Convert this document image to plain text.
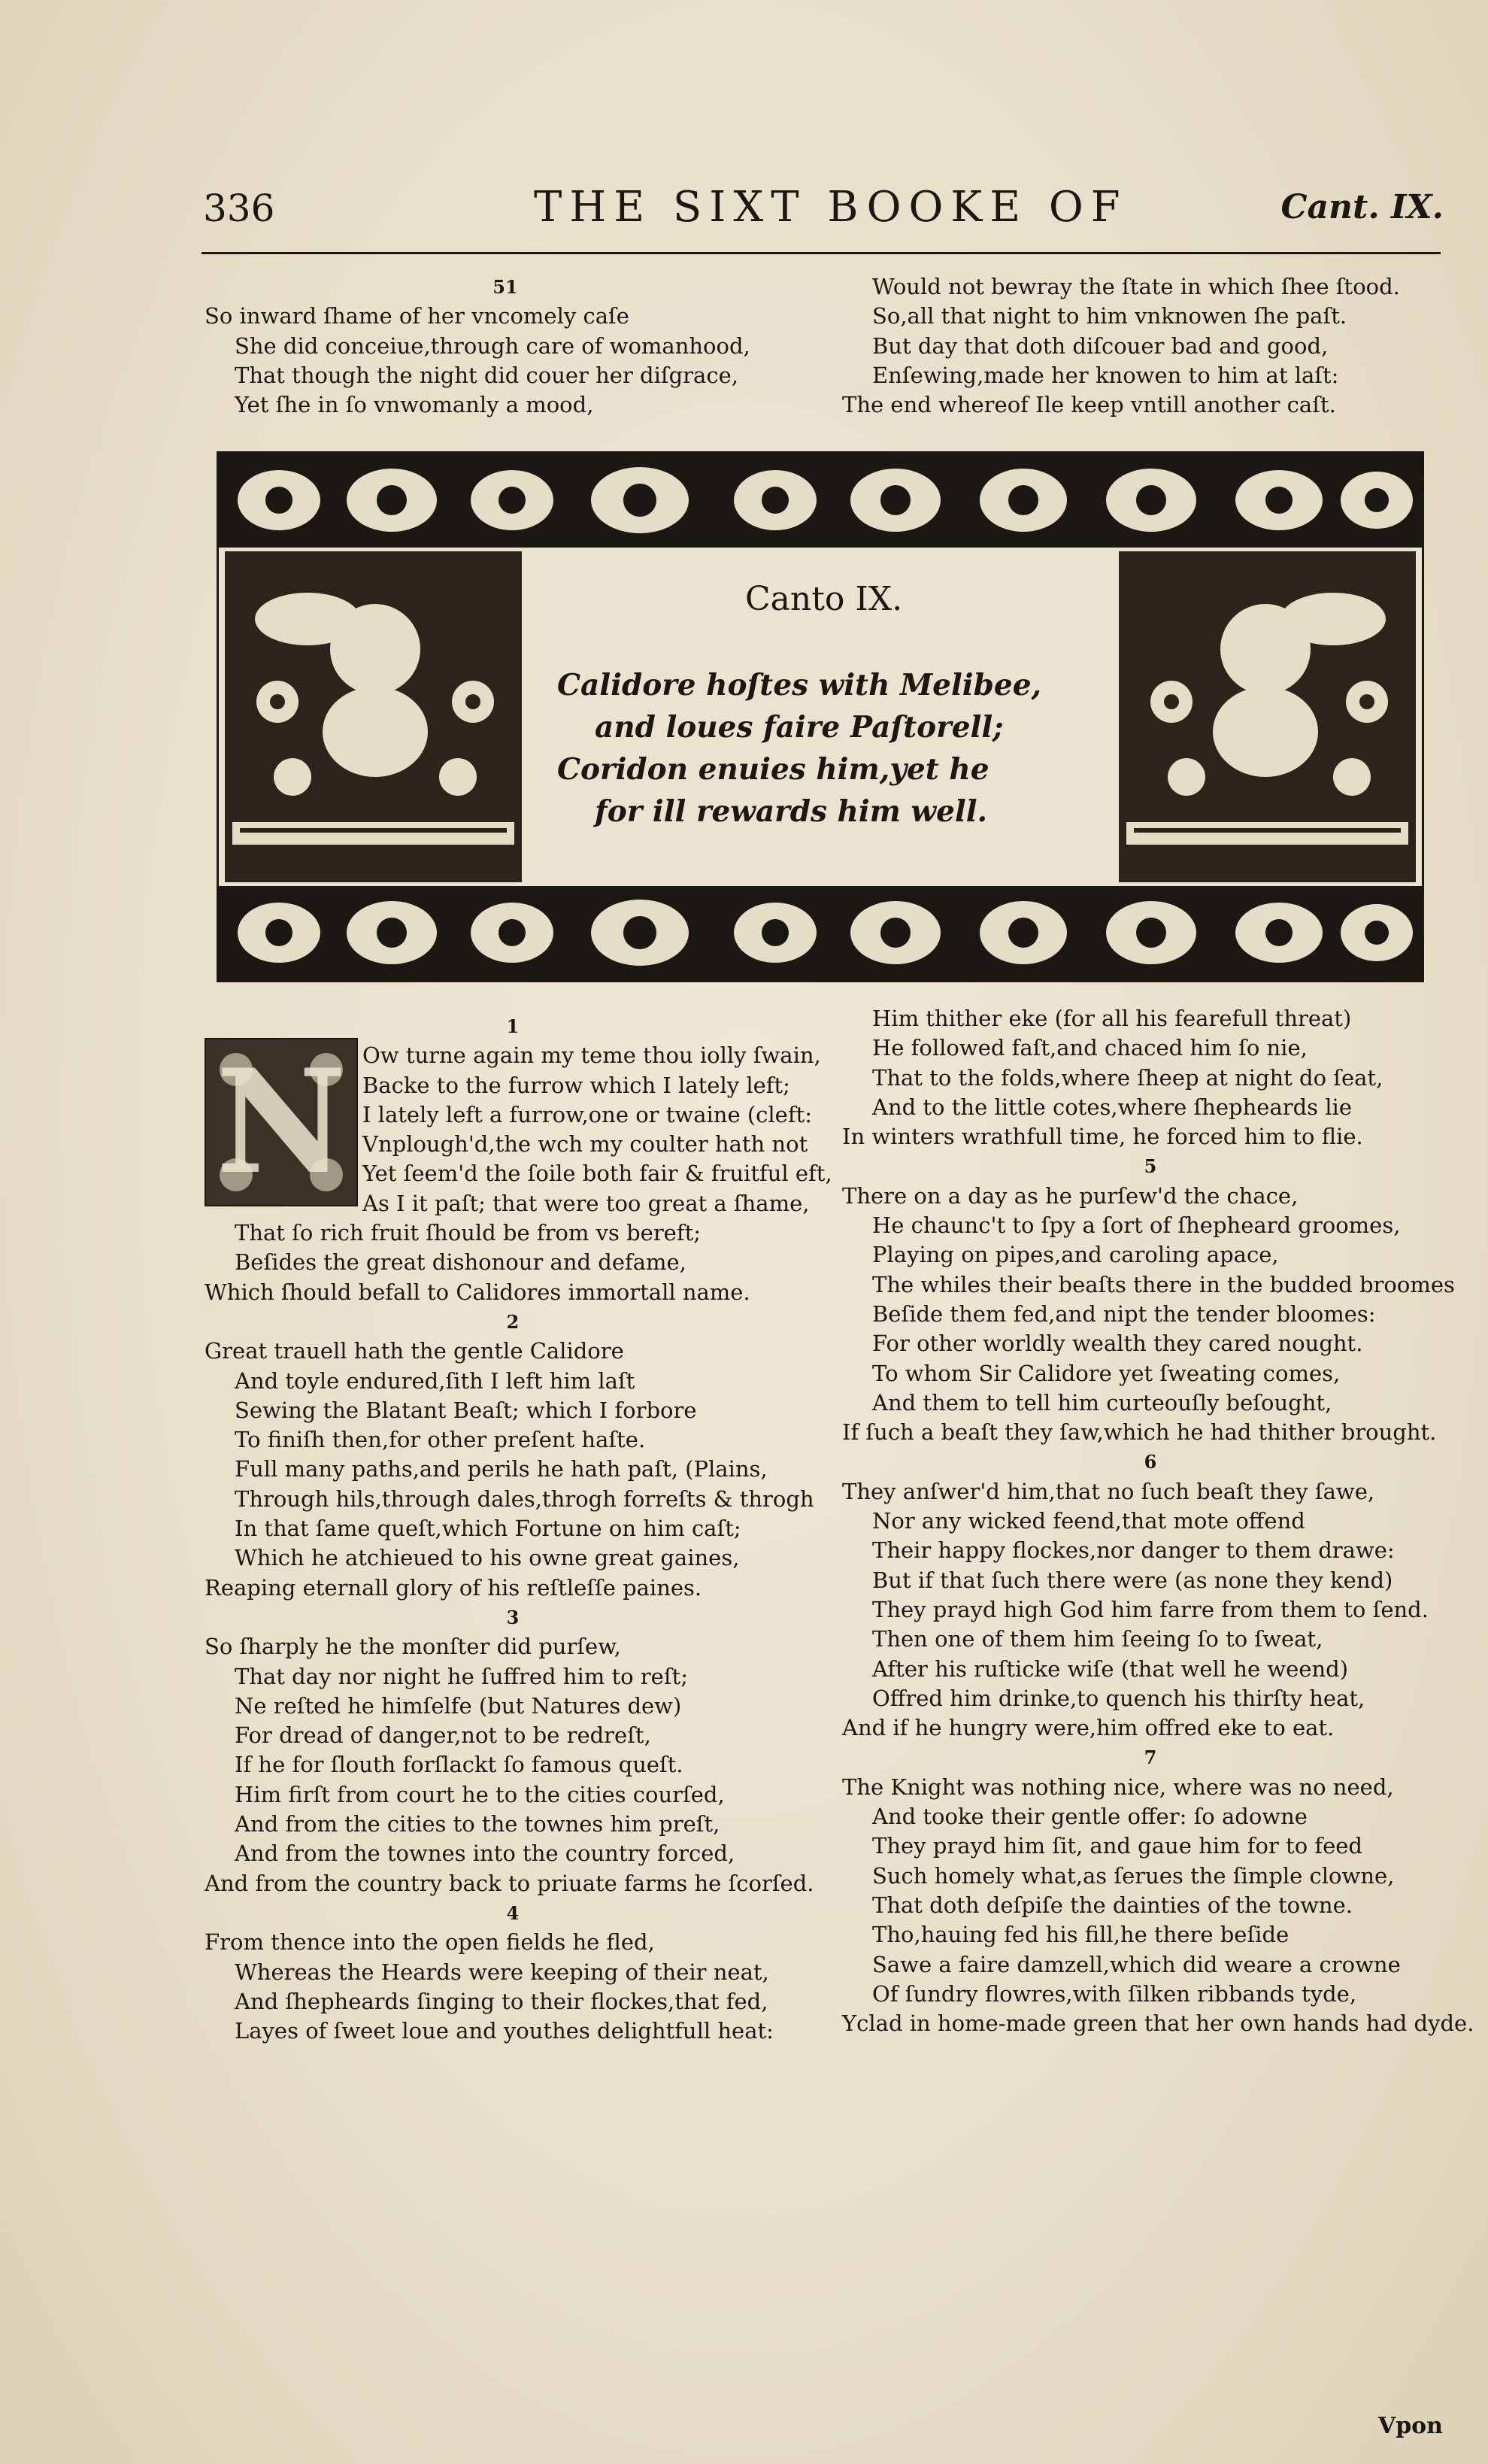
336	THE SIXT BOOKE OF	Cant. IX.
51
So inward ſhame of her vncomely caſe
She did conceiue,through care of womanhood,
That though the night did couer her diſgrace,
Yet ſhe in ſo vnwomanly a mood,
Would not bewray the ſtate in which ſhee ſtood.
So,all that night to him vnknowen ſhe paſt.
But day that doth diſcouer bad and good,
Enſewing,made her knowen to him at laſt:
The end whereof Ile keep vntill another caſt.
Canto IX.
Calidore hoſtes with Melibee,
and loues faire Paſtorell;
Coridon enuies him,yet he
for ill rewards him well.
N
1
Ow turne again my teme thou iolly ſwain,
Backe to the furrow which I lately left;
I lately left a furrow,one or twaine (cleft:
Vnplough'd,the wch my coulter hath not
Yet ſeem'd the ſoile both fair & fruitful eft,
As I it paſt; that were too great a ſhame,
That ſo rich fruit ſhould be from vs bereft;
Beſides the great dishonour and defame,
Which ſhould befall to Calidores immortall name.
2
Great trauell hath the gentle Calidore
And toyle endured,ſith I left him laſt
Sewing the Blatant Beaſt; which I forbore
To finiſh then,for other preſent haſte.
Full many paths,and perils he hath paſt, (Plains,
Through hils,through dales,throgh forreſts & throgh
In that ſame queſt,which Fortune on him caſt;
Which he atchieued to his owne great gaines,
Reaping eternall glory of his reſtleſſe paines.
3
So ſharply he the monſter did purſew,
That day nor night he ſuffred him to reſt;
Ne reſted he himſelfe (but Natures dew)
For dread of danger,not to be redreſt,
If he for ſlouth forſlackt ſo famous queſt.
Him firſt from court he to the cities courſed,
And from the cities to the townes him preſt,
And from the townes into the country forced,
And from the country back to priuate farms he ſcorſed.
4
From thence into the open fields he fled,
Whereas the Heards were keeping of their neat,
And ſhepheards ſinging to their flockes,that fed,
Layes of ſweet loue and youthes delightfull heat:
Him thither eke (for all his fearefull threat)
He followed faſt,and chaced him ſo nie,
That to the folds,where ſheep at night do ſeat,
And to the little cotes,where ſhepheards lie
In winters wrathfull time, he forced him to flie.
5
There on a day as he purſew'd the chace,
He chaunc't to ſpy a ſort of ſhepheard groomes,
Playing on pipes,and caroling apace,
The whiles their beaſts there in the budded broomes
Beſide them fed,and nipt the tender bloomes:
For other worldly wealth they cared nought.
To whom Sir Calidore yet ſweating comes,
And them to tell him curteouſly beſought,
If ſuch a beaſt they ſaw,which he had thither brought.
6
They anſwer'd him,that no ſuch beaſt they ſawe,
Nor any wicked feend,that mote offend
Their happy flockes,nor danger to them drawe:
But if that ſuch there were (as none they kend)
They prayd high God him farre from them to ſend.
Then one of them him ſeeing ſo to ſweat,
After his ruſticke wiſe (that well he weend)
Offred him drinke,to quench his thirſty heat,
And if he hungry were,him offred eke to eat.
7
The Knight was nothing nice, where was no need,
And tooke their gentle offer: ſo adowne
They prayd him ſit, and gaue him for to feed
Such homely what,as ſerues the ſimple clowne,
That doth deſpiſe the dainties of the towne.
Tho,hauing fed his fill,he there beſide
Sawe a faire damzell,which did weare a crowne
Of ſundry flowres,with ſilken ribbands tyde,
Yclad in home-made green that her own hands had dyde.
Vpon
